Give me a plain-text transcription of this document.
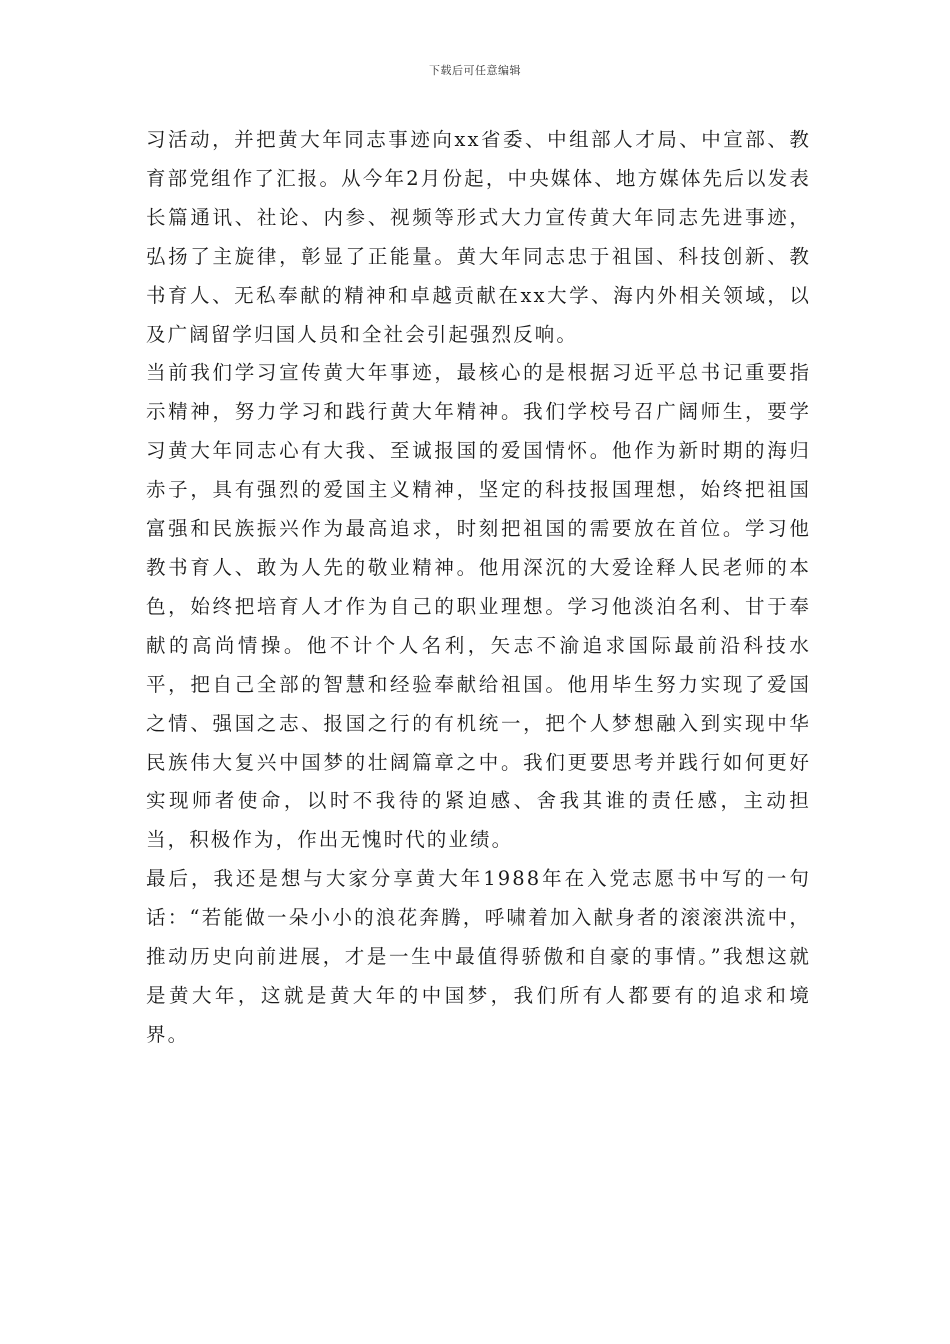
下载后可任意编辑

习活动，并把黄大年同志事迹向xx省委、中组部人才局、中宣部、教育部党组作了汇报。从今年2月份起，中央媒体、地方媒体先后以发表长篇通讯、社论、内参、视频等形式大力宣传黄大年同志先进事迹，弘扬了主旋律，彰显了正能量。黄大年同志忠于祖国、科技创新、教书育人、无私奉献的精神和卓越贡献在xx大学、海内外相关领域，以及广阔留学归国人员和全社会引起强烈反响。

当前我们学习宣传黄大年事迹，最核心的是根据习近平总书记重要指示精神，努力学习和践行黄大年精神。我们学校号召广阔师生，要学习黄大年同志心有大我、至诚报国的爱国情怀。他作为新时期的海归赤子，具有强烈的爱国主义精神，坚定的科技报国理想，始终把祖国富强和民族振兴作为最高追求，时刻把祖国的需要放在首位。学习他教书育人、敢为人先的敬业精神。他用深沉的大爱诠释人民老师的本色，始终把培育人才作为自己的职业理想。学习他淡泊名利、甘于奉献的高尚情操。他不计个人名利，矢志不渝追求国际最前沿科技水平，把自己全部的智慧和经验奉献给祖国。他用毕生努力实现了爱国之情、强国之志、报国之行的有机统一，把个人梦想融入到实现中华民族伟大复兴中国梦的壮阔篇章之中。我们更要思考并践行如何更好实现师者使命，以时不我待的紧迫感、舍我其谁的责任感，主动担当，积极作为，作出无愧时代的业绩。

最后，我还是想与大家分享黄大年1988年在入党志愿书中写的一句话：“若能做一朵小小的浪花奔腾，呼啸着加入献身者的滚滚洪流中，推动历史向前进展，才是一生中最值得骄傲和自豪的事情。”我想这就是黄大年，这就是黄大年的中国梦，我们所有人都要有的追求和境界。
